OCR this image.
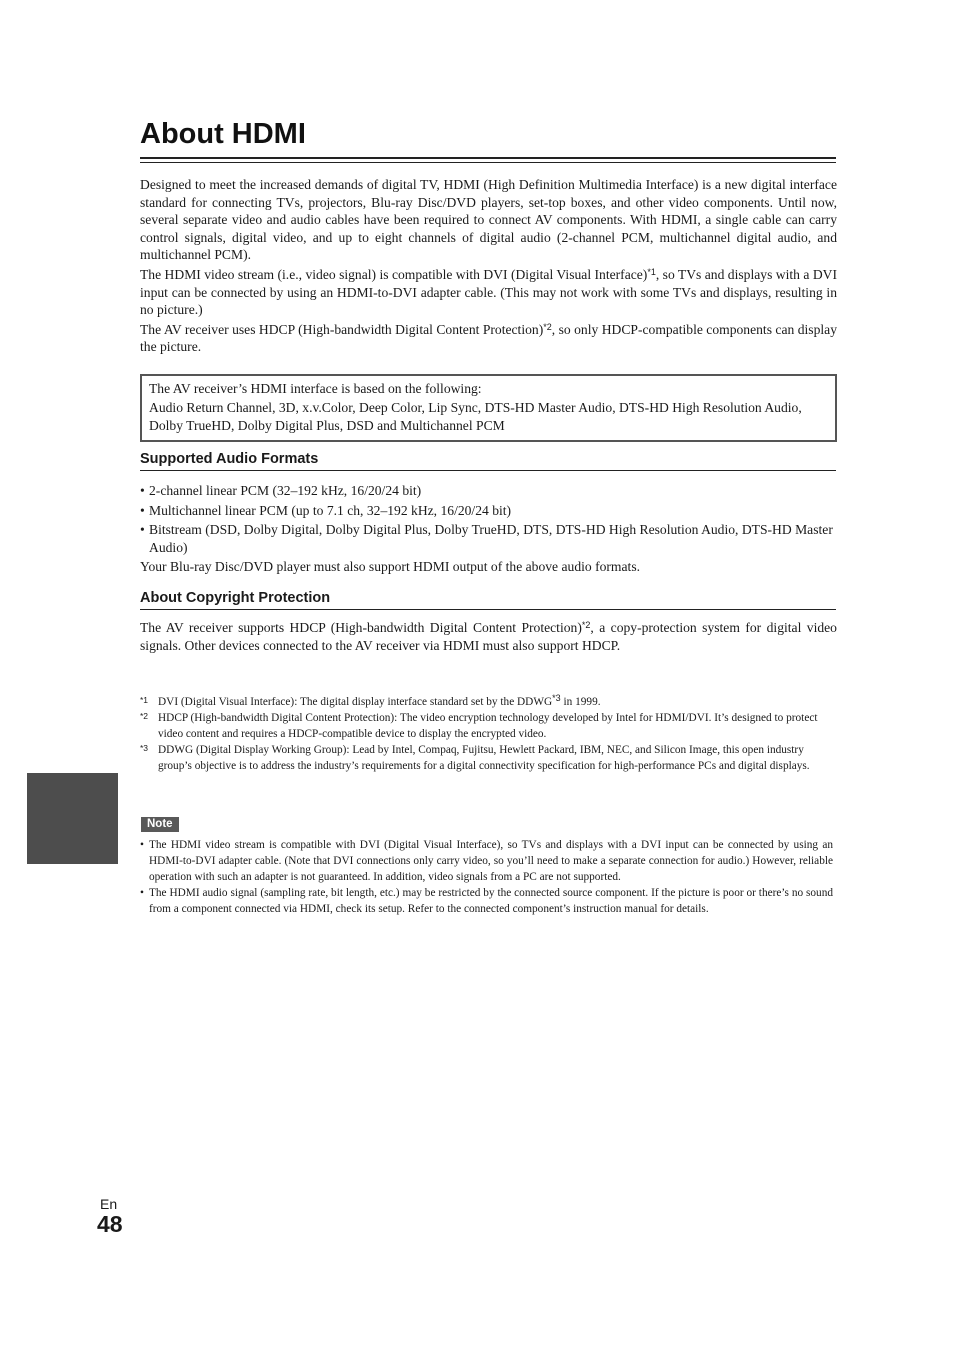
About HDMI

Designed to meet the increased demands of digital TV, HDMI (High Definition Multimedia Interface) is a new digital interface standard for connecting TVs, projectors, Blu-ray Disc/DVD players, set-top boxes, and other video components. Until now, several separate video and audio cables have been required to connect AV components. With HDMI, a single cable can carry control signals, digital video, and up to eight channels of digital audio (2-channel PCM, multichannel digital audio, and multichannel PCM).

The HDMI video stream (i.e., video signal) is compatible with DVI (Digital Visual Interface)$^{*1}$, so TVs and displays with a DVI input can be connected by using an HDMI-to-DVI adapter cable. (This may not work with some TVs and displays, resulting in no picture.)

The AV receiver uses HDCP (High-bandwidth Digital Content Protection)$^{*2}$, so only HDCP-compatible components can display the picture.

The AV receiver’s HDMI interface is based on the following:
Audio Return Channel, 3D, x.v.Color, Deep Color, Lip Sync, DTS-HD Master Audio, DTS-HD High Resolution Audio, Dolby TrueHD, Dolby Digital Plus, DSD and Multichannel PCM
Supported Audio Formats
• 2-channel linear PCM (32–192 kHz, 16/20/24 bit)
• Multichannel linear PCM (up to 7.1 ch, 32–192 kHz, 16/20/24 bit)
• Bitstream (DSD, Dolby Digital, Dolby Digital Plus, Dolby TrueHD, DTS, DTS-HD High Resolution Audio, DTS-HD Master Audio)

Your Blu-ray Disc/DVD player must also support HDMI output of the above audio formats.

About Copyright Protection

The AV receiver supports HDCP (High-bandwidth Digital Content Protection)$^{*2}$, a copy-protection system for digital video signals. Other devices connected to the AV receiver via HDMI must also support HDCP.

*1 DVI (Digital Visual Interface): The digital display interface standard set by the DDWG$^{*3}$ in 1999.
*2 HDCP (High-bandwidth Digital Content Protection): The video encryption technology developed by Intel for HDMI/DVI. It’s designed to protect video content and requires a HDCP-compatible device to display the encrypted video.
*3 DDWG (Digital Display Working Group): Lead by Intel, Compaq, Fujitsu, Hewlett Packard, IBM, NEC, and Silicon Image, this open industry group’s objective is to address the industry’s requirements for a digital connectivity specification for high-performance PCs and digital displays.
Note
• The HDMI video stream is compatible with DVI (Digital Visual Interface), so TVs and displays with a DVI input can be connected by using an HDMI-to-DVI adapter cable. (Note that DVI connections only carry video, so you’ll need to make a separate connection for audio.) However, reliable operation with such an adapter is not guaranteed. In addition, video signals from a PC are not supported.
• The HDMI audio signal (sampling rate, bit length, etc.) may be restricted by the connected source component. If the picture is poor or there’s no sound from a component connected via HDMI, check its setup. Refer to the connected component’s instruction manual for details.
En
48
